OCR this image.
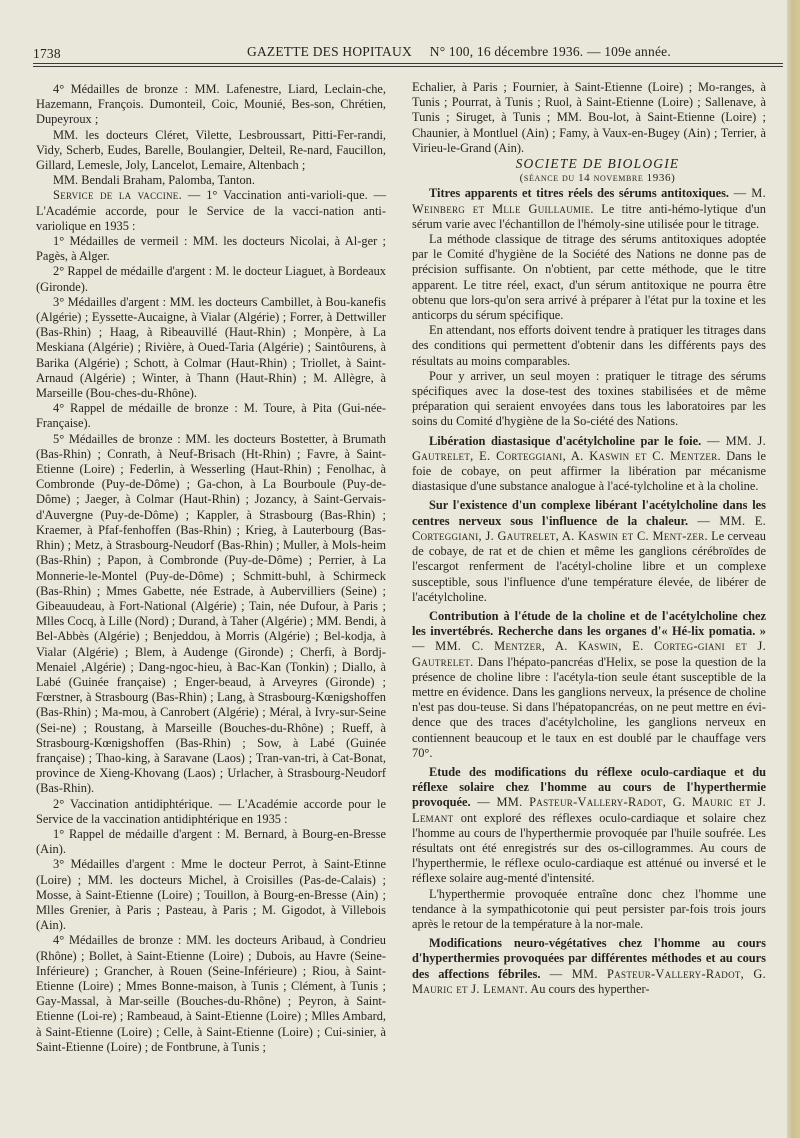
1738	GAZETTE DES HOPITAUX     N° 100, 16 décembre 1936. — 109e année.

4° Médailles de bronze : MM. Lafenestre, Liard, Leclain-che, Hazemann, François. Dumonteil, Coic, Mounié, Bes-son, Chrétien, Dupeyroux ;

MM. les docteurs Cléret, Vilette, Lesbroussart, Pitti-Fer-randi, Vidy, Scherb, Eudes, Barelle, Boulangier, Delteil, Re-nard, Faucillon, Gillard, Lemesle, Joly, Lancelot, Lemaire, Altenbach ;

MM. Bendali Braham, Palomba, Tanton.

Service de la vaccine. — 1° Vaccination anti-varioli-que. — L'Académie accorde, pour le Service de la vacci-nation anti-variolique en 1935 :

1° Médailles de vermeil : MM. les docteurs Nicolai, à Al-ger ; Pagès, à Alger.

2° Rappel de médaille d'argent : M. le docteur Liaguet, à Bordeaux (Gironde).

3° Médailles d'argent : MM. les docteurs Cambillet, à Bou-kanefis (Algérie) ; Eyssette-Aucaigne, à Vialar (Algérie) ; Forrer, à Dettwiller (Bas-Rhin) ; Haag, à Ribeauvillé (Haut-Rhin) ; Monpère, à La Meskiana (Algérie) ; Rivière, à Oued-Taria (Algérie) ; Saintôurens, à Barika (Algérie) ; Schott, à Colmar (Haut-Rhin) ; Triollet, à Saint-Arnaud (Algérie) ; Winter, à Thann (Haut-Rhin) ; M. Allègre, à Marseille (Bou-ches-du-Rhône).

4° Rappel de médaille de bronze : M. Toure, à Pita (Gui-née-Française).

5° Médailles de bronze : MM. les docteurs Bostetter, à Brumath (Bas-Rhin) ; Conrath, à Neuf-Brisach (Ht-Rhin) ; Favre, à Saint-Etienne (Loire) ; Federlin, à Wesserling (Haut-Rhin) ; Fenolhac, à Combronde (Puy-de-Dôme) ; Ga-chon, à La Bourboule (Puy-de-Dôme) ; Jaeger, à Colmar (Haut-Rhin) ; Jozancy, à Saint-Gervais-d'Auvergne (Puy-de-Dôme) ; Kappler, à Strasbourg (Bas-Rhin) ; Kraemer, à Pfaf-fenhoffen (Bas-Rhin) ; Krieg, à Lauterbourg (Bas-Rhin) ; Metz, à Strasbourg-Neudorf (Bas-Rhin) ; Muller, à Mols-heim (Bas-Rhin) ; Papon, à Combronde (Puy-de-Dôme) ; Perrier, à La Monnerie-le-Montel (Puy-de-Dôme) ; Schmitt-buhl, à Schirmeck (Bas-Rhin) ; Mmes Gabette, née Estrade, à Aubervilliers (Seine) ; Gibeauudeau, à Fort-National (Algérie) ; Tain, née Dufour, à Paris ; Mlles Cocq, à Lille (Nord) ; Durand, à Taher (Algérie) ; MM. Bendi, à Bel-Abbès (Algérie) ; Benjeddou, à Morris (Algérie) ; Bel-kodja, à Vialar (Algérie) ; Blem, à Audenge (Gironde) ; Cherfi, à Bordj-Menaiel ,Algérie) ; Dang-ngoc-hieu, à Bac-Kan (Tonkin) ; Diallo, à Labé (Guinée française) ; Enger-beaud, à Arveyres (Gironde) ; Fœrstner, à Strasbourg (Bas-Rhin) ; Lang, à Strasbourg-Kœnigshoffen (Bas-Rhin) ; Ma-mou, à Canrobert (Algérie) ; Méral, à Ivry-sur-Seine (Sei-ne) ; Roustang, à Marseille (Bouches-du-Rhône) ; Rueff, à Strasbourg-Kœnigshoffen (Bas-Rhin) ; Sow, à Labé (Guinée française) ; Thao-king, à Saravane (Laos) ; Tran-van-tri, à Cat-Bonat, province de Xieng-Khovang (Laos) ; Urlacher, à Strasbourg-Neudorf (Bas-Rhin).

2° Vaccination antidiphtérique. — L'Académie accorde pour le Service de la vaccination antidiphtérique en 1935 :

1° Rappel de médaille d'argent : M. Bernard, à Bourg-en-Bresse (Ain).

3° Médailles d'argent : Mme le docteur Perrot, à Saint-Etinne (Loire) ; MM. les docteurs Michel, à Croisilles (Pas-de-Calais) ; Mosse, à Saint-Etienne (Loire) ; Touillon, à Bourg-en-Bresse (Ain) ; Mlles Grenier, à Paris ; Pasteau, à Paris ; M. Gigodot, à Villebois (Ain).

4° Médailles de bronze : MM. les docteurs Aribaud, à Condrieu (Rhône) ; Bollet, à Saint-Etienne (Loire) ; Dubois, au Havre (Seine-Inférieure) ; Grancher, à Rouen (Seine-Inférieure) ; Riou, à Saint-Etienne (Loire) ; Mmes Bonne-maison, à Tunis ; Clément, à Tunis ; Gay-Massal, à Mar-seille (Bouches-du-Rhône) ; Peyron, à Saint-Etienne (Loi-re) ; Rambeaud, à Saint-Etienne (Loire) ; Mlles Ambard, à Saint-Etienne (Loire) ; Celle, à Saint-Etienne (Loire) ; Cui-sinier, à Saint-Etienne (Loire) ; de Fontbrune, à Tunis ;

Echalier, à Paris ; Fournier, à Saint-Etienne (Loire) ; Mo-ranges, à Tunis ; Pourrat, à Tunis ; Ruol, à Saint-Etienne (Loire) ; Sallenave, à Tunis ; Siruget, à Tunis ; MM. Bou-lot, à Saint-Etienne (Loire) ; Chaunier, à Montluel (Ain) ; Famy, à Vaux-en-Bugey (Ain) ; Terrier, à Virieu-le-Grand (Ain).

SOCIETE DE BIOLOGIE

(séance du 14 novembre 1936)

Titres apparents et titres réels des sérums antitoxiques. — M. Weinberg et Mlle Guillaumie. Le titre anti-hémo-lytique d'un sérum varie avec l'échantillon de l'hémoly-sine utilisée pour le titrage.

La méthode classique de titrage des sérums antitoxiques adoptée par le Comité d'hygiène de la Société des Nations ne donne pas de précision suffisante. On n'obtient, par cette méthode, que le titre apparent. Le titre réel, exact, d'un sérum antitoxique ne pourra être obtenu que lors-qu'on sera arrivé à préparer à l'état pur la toxine et les anticorps du sérum spécifique.

En attendant, nos efforts doivent tendre à pratiquer les titrages dans des conditions qui permettent d'obtenir dans les différents pays des résultats au moins comparables.

Pour y arriver, un seul moyen : pratiquer le titrage des sérums spécifiques avec la dose-test des toxines stabilisées et de même préparation qui seraient envoyées dans tous les laboratoires par les soins du Comité d'hygiène de la So-ciété des Nations.

Libération diastasique d'acétylcholine par le foie. — MM. J. Gautrelet, E. Corteggiani, A. Kaswin et C. Mentzer. Dans le foie de cobaye, on peut affirmer la libération par mécanisme diastasique d'une substance analogue à l'acé-tylcholine et à la choline.

Sur l'existence d'un complexe libérant l'acétylcholine dans les centres nerveux sous l'influence de la chaleur. — MM. E. Corteggiani, J. Gautrelet, A. Kaswin et C. Ment-zer. Le cerveau de cobaye, de rat et de chien et même les ganglions cérébroïdes de l'escargot renferment de l'acétyl-choline libre et un complexe susceptible, sous l'influence d'une température élevée, de libérer de l'acétylcholine.

Contribution à l'étude de la choline et de l'acétylcholine chez les invertébrés. Recherche dans les organes d'« Hé-lix pomatia. » — MM. C. Mentzer, A. Kaswin, E. Corteg-giani et J. Gautrelet. Dans l'hépato-pancréas d'Helix, se pose la question de la présence de choline libre : l'acétyla-tion seule étant susceptible de la mettre en évidence. Dans les ganglions nerveux, la présence de choline n'est pas dou-teuse. Si dans l'hépatopancréas, on ne peut mettre en évi-dence que des traces d'acétylcholine, les ganglions nerveux en contiennent beaucoup et le taux en est doublé par le chauffage vers 70°.

Etude des modifications du réflexe oculo-cardiaque et du réflexe solaire chez l'homme au cours de l'hyperthermie provoquée. — MM. Pasteur-Vallery-Radot, G. Mauric et J. Lemant ont exploré des réflexes oculo-cardiaque et solaire chez l'homme au cours de l'hyperthermie provoquée par l'huile soufrée. Les résultats ont été enregistrés sur des os-cillogrammes. Au cours de l'hyperthermie, le réflexe oculo-cardiaque est atténué ou inversé et le réflexe solaire aug-menté d'intensité.

L'hyperthermie provoquée entraîne donc chez l'homme une tendance à la sympathicotonie qui peut persister par-fois trois jours après le retour de la température à la nor-male.

Modifications neuro-végétatives chez l'homme au cours d'hyperthermies provoquées par différentes méthodes et au cours des affections fébriles. — MM. Pasteur-Vallery-Radot, G. Mauric et J. Lemant. Au cours des hyperther-
